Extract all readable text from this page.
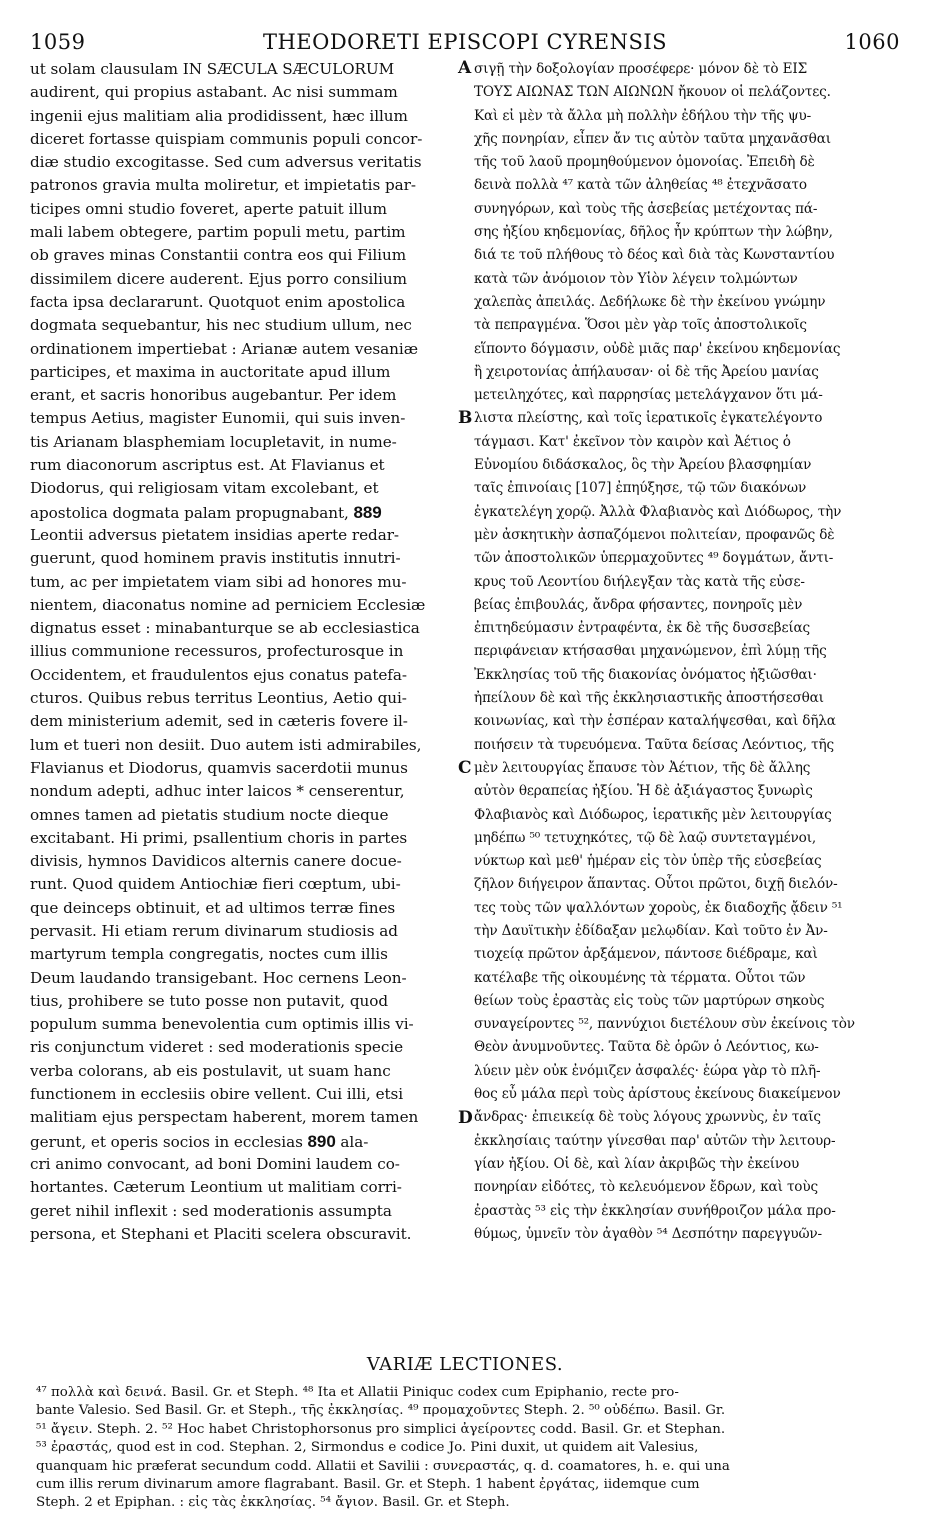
1059	THEODORETI EPISCOPI CYRENSIS	1060
ut solam clausulam IN SÆCULA SÆCULORUM
audirent, qui propius astabant. Ac nisi summam
ingenii ejus malitiam alia prodidissent, hæc illum
diceret fortasse quispiam communis populi concor-
diæ studio excogitasse. Sed cum adversus veritatis
patronos gravia multa moliretur, et impietatis par-
ticipes omni studio foveret, aperte patuit illum
mali labem obtegere, partim populi metu, partim
ob graves minas Constantii contra eos qui Filium
dissimilem dicere auderent. Ejus porro consilium
facta ipsa declararunt. Quotquot enim apostolica
dogmata sequebantur, his nec studium ullum, nec
ordinationem impertiebat : Arianæ autem vesaniæ
participes, et maxima in auctoritate apud illum
erant, et sacris honoribus augebantur. Per idem
tempus Aetius, magister Eunomii, qui suis inven-
tis Arianam blasphemiam locupletavit, in nume-
rum diaconorum ascriptus est. At Flavianus et
Diodorus, qui religiosam vitam excolebant, et
apostolica dogmata palam propugnabant, 889
Leontii adversus pietatem insidias aperte redar-
guerunt, quod hominem pravis institutis innutri-
tum, ac per impietatem viam sibi ad honores mu-
nientem, diaconatus nomine ad perniciem Ecclesiæ
dignatus esset : minabanturque se ab ecclesiastica
illius communione recessuros, profecturosque in
Occidentem, et fraudulentos ejus conatus patefa-
cturos. Quibus rebus territus Leontius, Aetio qui-
dem ministerium ademit, sed in cæteris fovere il-
lum et tueri non desiit. Duo autem isti admirabiles,
Flavianus et Diodorus, quamvis sacerdotii munus
nondum adepti, adhuc inter laicos * censerentur,
omnes tamen ad pietatis studium nocte dieque
excitabant. Hi primi, psallentium choris in partes
divisis, hymnos Davidicos alternis canere docue-
runt. Quod quidem Antiochiæ fieri cœptum, ubi-
que deinceps obtinuit, et ad ultimos terræ fines
pervasit. Hi etiam rerum divinarum studiosis ad
martyrum templa congregatis, noctes cum illis
Deum laudando transigebant. Hoc cernens Leon-
tius, prohibere se tuto posse non putavit, quod
populum summa benevolentia cum optimis illis vi-
ris conjunctum videret : sed moderationis specie
verba colorans, ab eis postulavit, ut suam hanc
functionem in ecclesiis obire vellent. Cui illi, etsi
malitiam ejus perspectam haberent, morem tamen
gerunt, et operis socios in ecclesias 890 ala-
cri animo convocant, ad boni Domini laudem co-
hortantes. Cæterum Leontium ut malitiam corri-
geret nihil inflexit : sed moderationis assumpta
persona, et Stephani et Placiti scelera obscuravit.
A
B
C
D
σιγῇ τὴν δοξολογίαν προσέφερε· μόνον δὲ τὸ ΕΙΣ
ΤΟΥΣ ΑΙΩΝΑΣ ΤΩΝ ΑΙΩΝΩΝ ἤκουον οἱ πελάζοντες.
Καὶ εἰ μὲν τὰ ἄλλα μὴ πολλὴν ἐδήλου τὴν τῆς ψυ-
χῆς πονηρίαν, εἶπεν ἄν τις αὐτὸν ταῦτα μηχανᾶσθαι
τῆς τοῦ λαοῦ προμηθούμενον ὁμονοίας. Ἐπειδὴ δὲ
δεινὰ πολλὰ ⁴⁷ κατὰ τῶν ἀληθείας ⁴⁸ ἐτεχνᾶσατο
συνηγόρων, καὶ τοὺς τῆς ἀσεβείας μετέχοντας πά-
σης ἠξίου κηδεμονίας, δῆλος ἦν κρύπτων τὴν λώβην,
διά τε τοῦ πλήθους τὸ δέος καὶ διὰ τὰς Κωνσταντίου
κατὰ τῶν ἀνόμοιον τὸν Υἱὸν λέγειν τολμώντων
χαλεπὰς ἀπειλάς. Δεδήλωκε δὲ τὴν ἐκείνου γνώμην
τὰ πεπραγμένα. Ὅσοι μὲν γὰρ τοῖς ἀποστολικοῖς
εἵποντο δόγμασιν, οὐδὲ μιᾶς παρ' ἐκείνου κηδεμονίας
ἢ χειροτονίας ἀπήλαυσαν· οἱ δὲ τῆς Ἀρείου μανίας
μετειληχότες, καὶ παρρησίας μετελάγχανον ὅτι μά-
λιστα πλείστης, καὶ τοῖς ἱερατικοῖς ἐγκατελέγοντο
τάγμασι. Κατ' ἐκεῖνον τὸν καιρὸν καὶ Ἀέτιος ὁ
Εὐνομίου διδάσκαλος, ὃς τὴν Ἀρείου βλασφημίαν
ταῖς ἐπινοίαις [107] ἐπηύξησε, τῷ τῶν διακόνων
ἐγκατελέγη χορῷ. Ἀλλὰ Φλαβιανὸς καὶ Διόδωρος, τὴν
μὲν ἀσκητικὴν ἀσπαζόμενοι πολιτείαν, προφανῶς δὲ
τῶν ἀποστολικῶν ὑπερμαχοῦντες ⁴⁹ δογμάτων, ἄντι-
κρυς τοῦ Λεοντίου διήλεγξαν τὰς κατὰ τῆς εὐσε-
βείας ἐπιβουλάς, ἄνδρα φήσαντες, πονηροῖς μὲν
ἐπιτηδεύμασιν ἐντραφέντα, ἐκ δὲ τῆς δυσσεβείας
περιφάνειαν κτήσασθαι μηχανώμενον, ἐπὶ λύμῃ τῆς
Ἐκκλησίας τοῦ τῆς διακονίας ὀνόματος ἠξιῶσθαι·
ἠπείλουν δὲ καὶ τῆς ἐκκλησιαστικῆς ἀποστήσεσθαι
κοινωνίας, καὶ τὴν ἑσπέραν καταλήψεσθαι, καὶ δῆλα
ποιήσειν τὰ τυρευόμενα. Ταῦτα δείσας Λεόντιος, τῆς
μὲν λειτουργίας ἔπαυσε τὸν Ἀέτιον, τῆς δὲ ἄλλης
αὐτὸν θεραπείας ἠξίου. Ἡ δὲ ἀξιάγαστος ξυνωρὶς
Φλαβιανὸς καὶ Διόδωρος, ἱερατικῆς μὲν λειτουργίας
μηδέπω ⁵⁰ τετυχηκότες, τῷ δὲ λαῷ συντεταγμένοι,
νύκτωρ καὶ μεθ' ἡμέραν εἰς τὸν ὑπὲρ τῆς εὐσεβείας
ζῆλον διήγειρον ἅπαντας. Οὗτοι πρῶτοι, διχῇ διελόν-
τες τοὺς τῶν ψαλλόντων χοροὺς, ἐκ διαδοχῆς ᾄδειν ⁵¹
τὴν Δαυϊτικὴν ἐδίδαξαν μελῳδίαν. Καὶ τοῦτο ἐν Ἀν-
τιοχείᾳ πρῶτον ἀρξάμενον, πάντοσε διέδραμε, καὶ
κατέλαβε τῆς οἰκουμένης τὰ τέρματα. Οὗτοι τῶν
θείων τοὺς ἐραστὰς εἰς τοὺς τῶν μαρτύρων σηκοὺς
συναγείροντες ⁵², παννύχιοι διετέλουν σὺν ἐκείνοις τὸν
Θεὸν ἀνυμνοῦντες. Ταῦτα δὲ ὁρῶν ὁ Λεόντιος, κω-
λύειν μὲν οὐκ ἐνόμιζεν ἀσφαλές· ἑώρα γὰρ τὸ πλῆ-
θος εὖ μάλα περὶ τοὺς ἀρίστους ἐκείνους διακείμενον
ἄνδρας· ἐπιεικείᾳ δὲ τοὺς λόγους χρωννὺς, ἐν ταῖς
ἐκκλησίαις ταύτην γίνεσθαι παρ' αὐτῶν τὴν λειτουρ-
γίαν ἠξίου. Οἱ δὲ, καὶ λίαν ἀκριβῶς τὴν ἐκείνου
πονηρίαν εἰδότες, τὸ κελευόμενον ἔδρων, καὶ τοὺς
ἐραστὰς ⁵³ εἰς τὴν ἐκκλησίαν συνήθροιζον μάλα προ-
θύμως, ὑμνεῖν τὸν ἀγαθὸν ⁵⁴ Δεσπότην παρεγγυῶν-
VARIÆ LECTIONES.
⁴⁷ πολλὰ καὶ δεινά. Basil. Gr. et Steph. ⁴⁸ Ita et Allatii Piniquc codex cum Epiphanio, recte pro-
bante Valesio. Sed Basil. Gr. et Steph., τῆς ἐκκλησίας. ⁴⁹ προμαχοῦντες Steph. 2. ⁵⁰ οὐδέπω. Basil. Gr.
⁵¹ ἄγειν. Steph. 2. ⁵² Hoc habet Christophorsonus pro simplici ἀγείροντες codd. Basil. Gr. et Stephan.
⁵³ ἐραστάς, quod est in cod. Stephan. 2, Sirmondus e codice Jo. Pini duxit, ut quidem ait Valesius,
quanquam hic præferat secundum codd. Allatii et Savilii : συνεραστάς, q. d. coamatores, h. e. qui una
cum illis rerum divinarum amore flagrabant. Basil. Gr. et Steph. 1 habent ἐργάτας, iidemque cum
Steph. 2 et Epiphan. : εἰς τὰς ἐκκλησίας. ⁵⁴ ἄγιον. Basil. Gr. et Steph.
